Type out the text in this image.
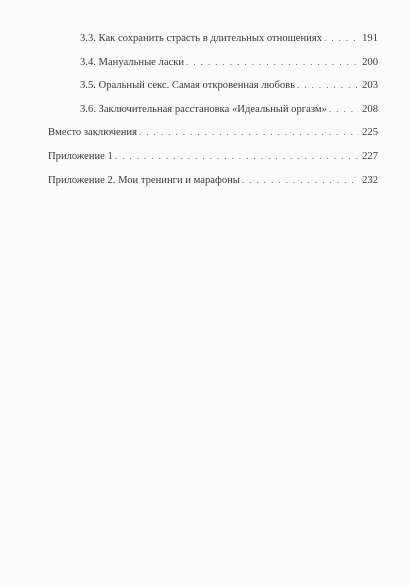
3.3. Как сохранить страсть в длительных отношениях . . .	191
3.4. Мануальные ласки . . .	200
3.5. Оральный секс. Самая откровенная любовь . . .	203
3.6. Заключительная расстановка «Идеальный оргазм» . . .	208
Вместо заключения . . .	225
Приложение 1 . . .	227
Приложение 2. Мои тренинги и марафоны . . .	232
